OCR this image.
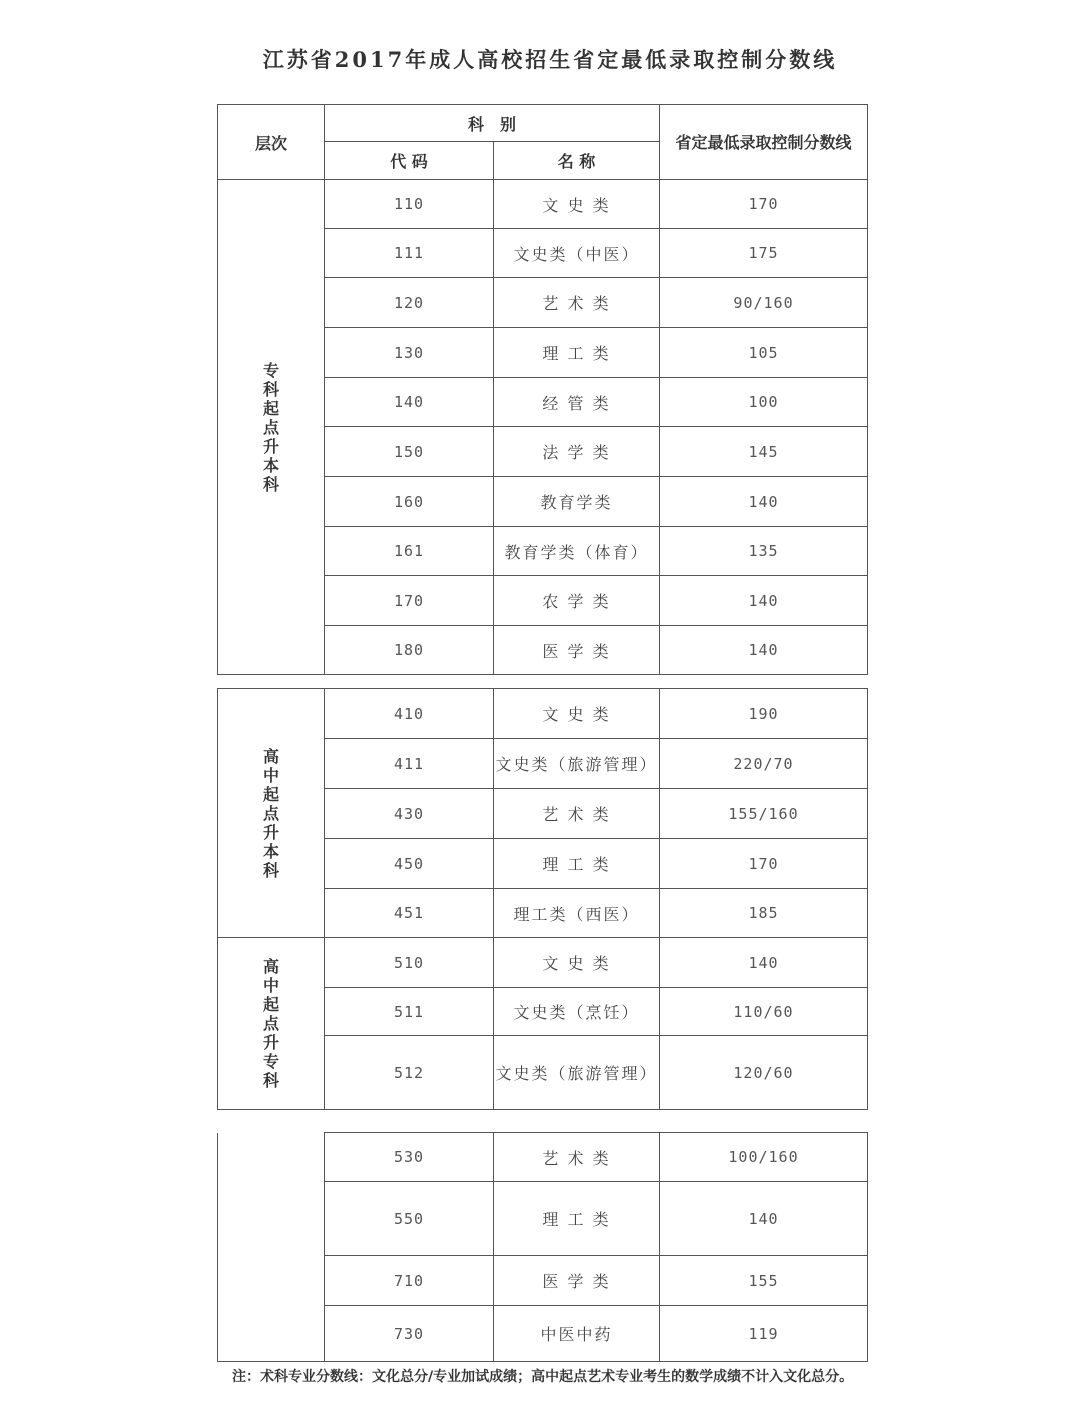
江苏省2017年成人高校招生省定最低录取控制分数线
层次	科　别		省定最低录取控制分数线
	代 码	名 称	
专科起点升本科	110	文 史 类	170
	111	文史类（中医）	175
	120	艺 术 类	90/160
	130	理 工 类	105
	140	经 管 类	100
	150	法 学 类	145
	160	教育学类	140
	161	教育学类（体育）	135
	170	农 学 类	140
	180	医 学 类	140
高中起点升本科	410	文 史 类	190
	411	文史类（旅游管理）	220/70
	430	艺 术 类	155/160
	450	理 工 类	170
	451	理工类（西医）	185
高中起点升专科	510	文 史 类	140
	511	文史类（烹饪）	110/60
	512	文史类（旅游管理）	120/60
	530	艺 术 类	100/160
	550	理 工 类	140
	710	医 学 类	155
	730	中医中药	119
注：术科专业分数线：文化总分/专业加试成绩；高中起点艺术专业考生的数学成绩不计入文化总分。
